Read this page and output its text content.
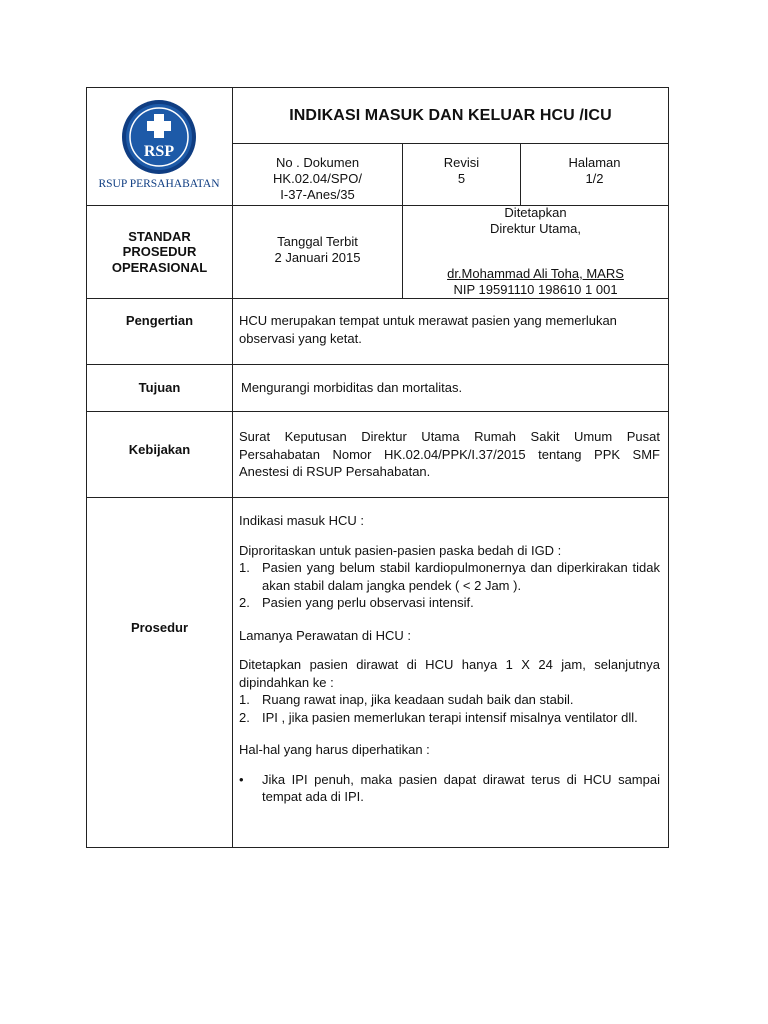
RSP
RSUP PERSAHABATAN
INDIKASI MASUK DAN KELUAR HCU /ICU
No . Dokumen
HK.02.04/SPO/
I-37-Anes/35
Revisi
5
Halaman
1/2
STANDAR
PROSEDUR
OPERASIONAL
Tanggal Terbit
2 Januari 2015
Ditetapkan
Direktur Utama,
dr.Mohammad Ali Toha, MARS
NIP 19591110 198610 1 001
Pengertian	HCU merupakan tempat untuk merawat pasien yang memerlukan observasi yang ketat.

Tujuan	Mengurangi morbiditas dan mortalitas.

Kebijakan

Surat Keputusan Direktur Utama Rumah Sakit Umum Pusat Persahabatan Nomor HK.02.04/PPK/I.37/2015 tentang PPK SMF Anestesi di RSUP Persahabatan.

Prosedur

Indikasi masuk HCU :

Diproritaskan untuk pasien-pasien paska bedah di IGD :

1. Pasien yang belum stabil kardiopulmonernya dan diperkirakan tidak akan stabil dalam jangka pendek ( < 2 Jam ).
2. Pasien yang perlu observasi intensif.

Lamanya Perawatan di HCU :

Ditetapkan pasien dirawat di HCU hanya 1 X 24 jam, selanjutnya dipindahkan ke :

1. Ruang rawat inap, jika keadaan sudah baik dan stabil.
2. IPI , jika pasien memerlukan terapi intensif misalnya ventilator dll.

Hal-hal yang harus diperhatikan :

• Jika IPI penuh, maka pasien dapat dirawat terus di HCU sampai tempat ada di IPI.
